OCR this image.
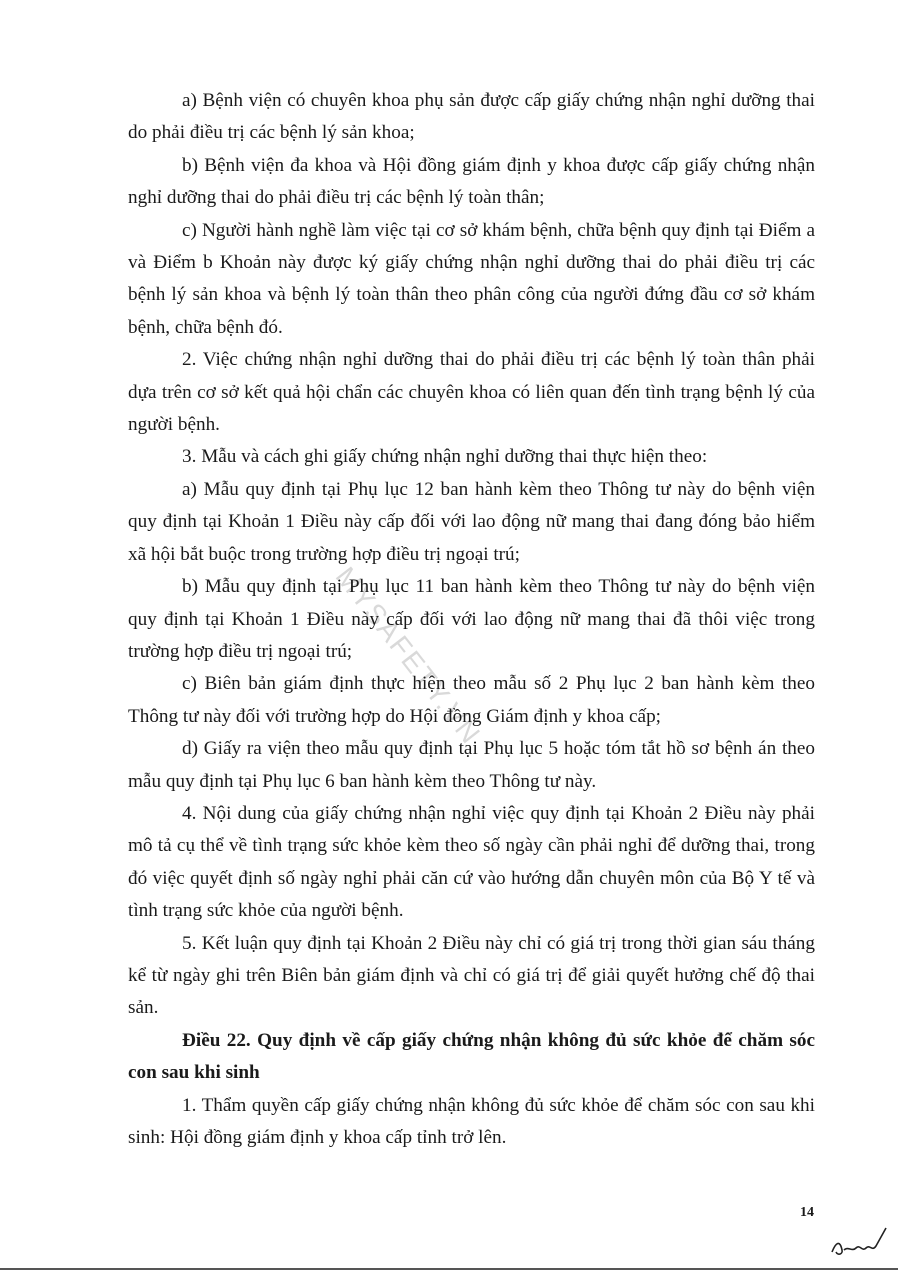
MYSAFETY.VN

a) Bệnh viện có chuyên khoa phụ sản được cấp giấy chứng nhận nghỉ dưỡng thai do phải điều trị các bệnh lý sản khoa;

b) Bệnh viện đa khoa và Hội đồng giám định y khoa được cấp giấy chứng nhận nghỉ dưỡng thai do phải điều trị các bệnh lý toàn thân;

c) Người hành nghề làm việc tại cơ sở khám bệnh, chữa bệnh quy định tại Điểm a và Điểm b Khoản này được ký giấy chứng nhận nghỉ dưỡng thai do phải điều trị các bệnh lý sản khoa và bệnh lý toàn thân theo phân công của người đứng đầu cơ sở khám bệnh, chữa bệnh đó.

2. Việc chứng nhận nghỉ dưỡng thai do phải điều trị các bệnh lý toàn thân phải dựa trên cơ sở kết quả hội chẩn các chuyên khoa có liên quan đến tình trạng bệnh lý của người bệnh.

3. Mẫu và cách ghi giấy chứng nhận nghỉ dưỡng thai thực hiện theo:

a) Mẫu quy định tại Phụ lục 12 ban hành kèm theo Thông tư này do bệnh viện quy định tại Khoản 1 Điều này cấp đối với lao động nữ mang thai đang đóng bảo hiểm xã hội bắt buộc trong trường hợp điều trị ngoại trú;

b) Mẫu quy định tại Phụ lục 11 ban hành kèm theo Thông tư này do bệnh viện quy định tại Khoản 1 Điều này cấp đối với lao động nữ mang thai đã thôi việc trong trường hợp điều trị ngoại trú;

c) Biên bản giám định thực hiện theo mẫu số 2 Phụ lục 2 ban hành kèm theo Thông tư này đối với trường hợp do Hội đồng Giám định y khoa cấp;

d) Giấy ra viện theo mẫu quy định tại Phụ lục 5 hoặc tóm tắt hồ sơ bệnh án theo mẫu quy định tại Phụ lục 6 ban hành kèm theo Thông tư này.

4. Nội dung của giấy chứng nhận nghỉ việc quy định tại Khoản 2 Điều này phải mô tả cụ thể về tình trạng sức khỏe kèm theo số ngày cần phải nghỉ để dưỡng thai, trong đó việc quyết định số ngày nghỉ phải căn cứ vào hướng dẫn chuyên môn của Bộ Y tế và tình trạng sức khỏe của người bệnh.

5. Kết luận quy định tại Khoản 2 Điều này chỉ có giá trị trong thời gian sáu tháng kể từ ngày ghi trên Biên bản giám định và chỉ có giá trị để giải quyết hưởng chế độ thai sản.

Điều 22. Quy định về cấp giấy chứng nhận không đủ sức khỏe để chăm sóc con sau khi sinh

1. Thẩm quyền cấp giấy chứng nhận không đủ sức khỏe để chăm sóc con sau khi sinh: Hội đồng giám định y khoa cấp tỉnh trở lên.

14
